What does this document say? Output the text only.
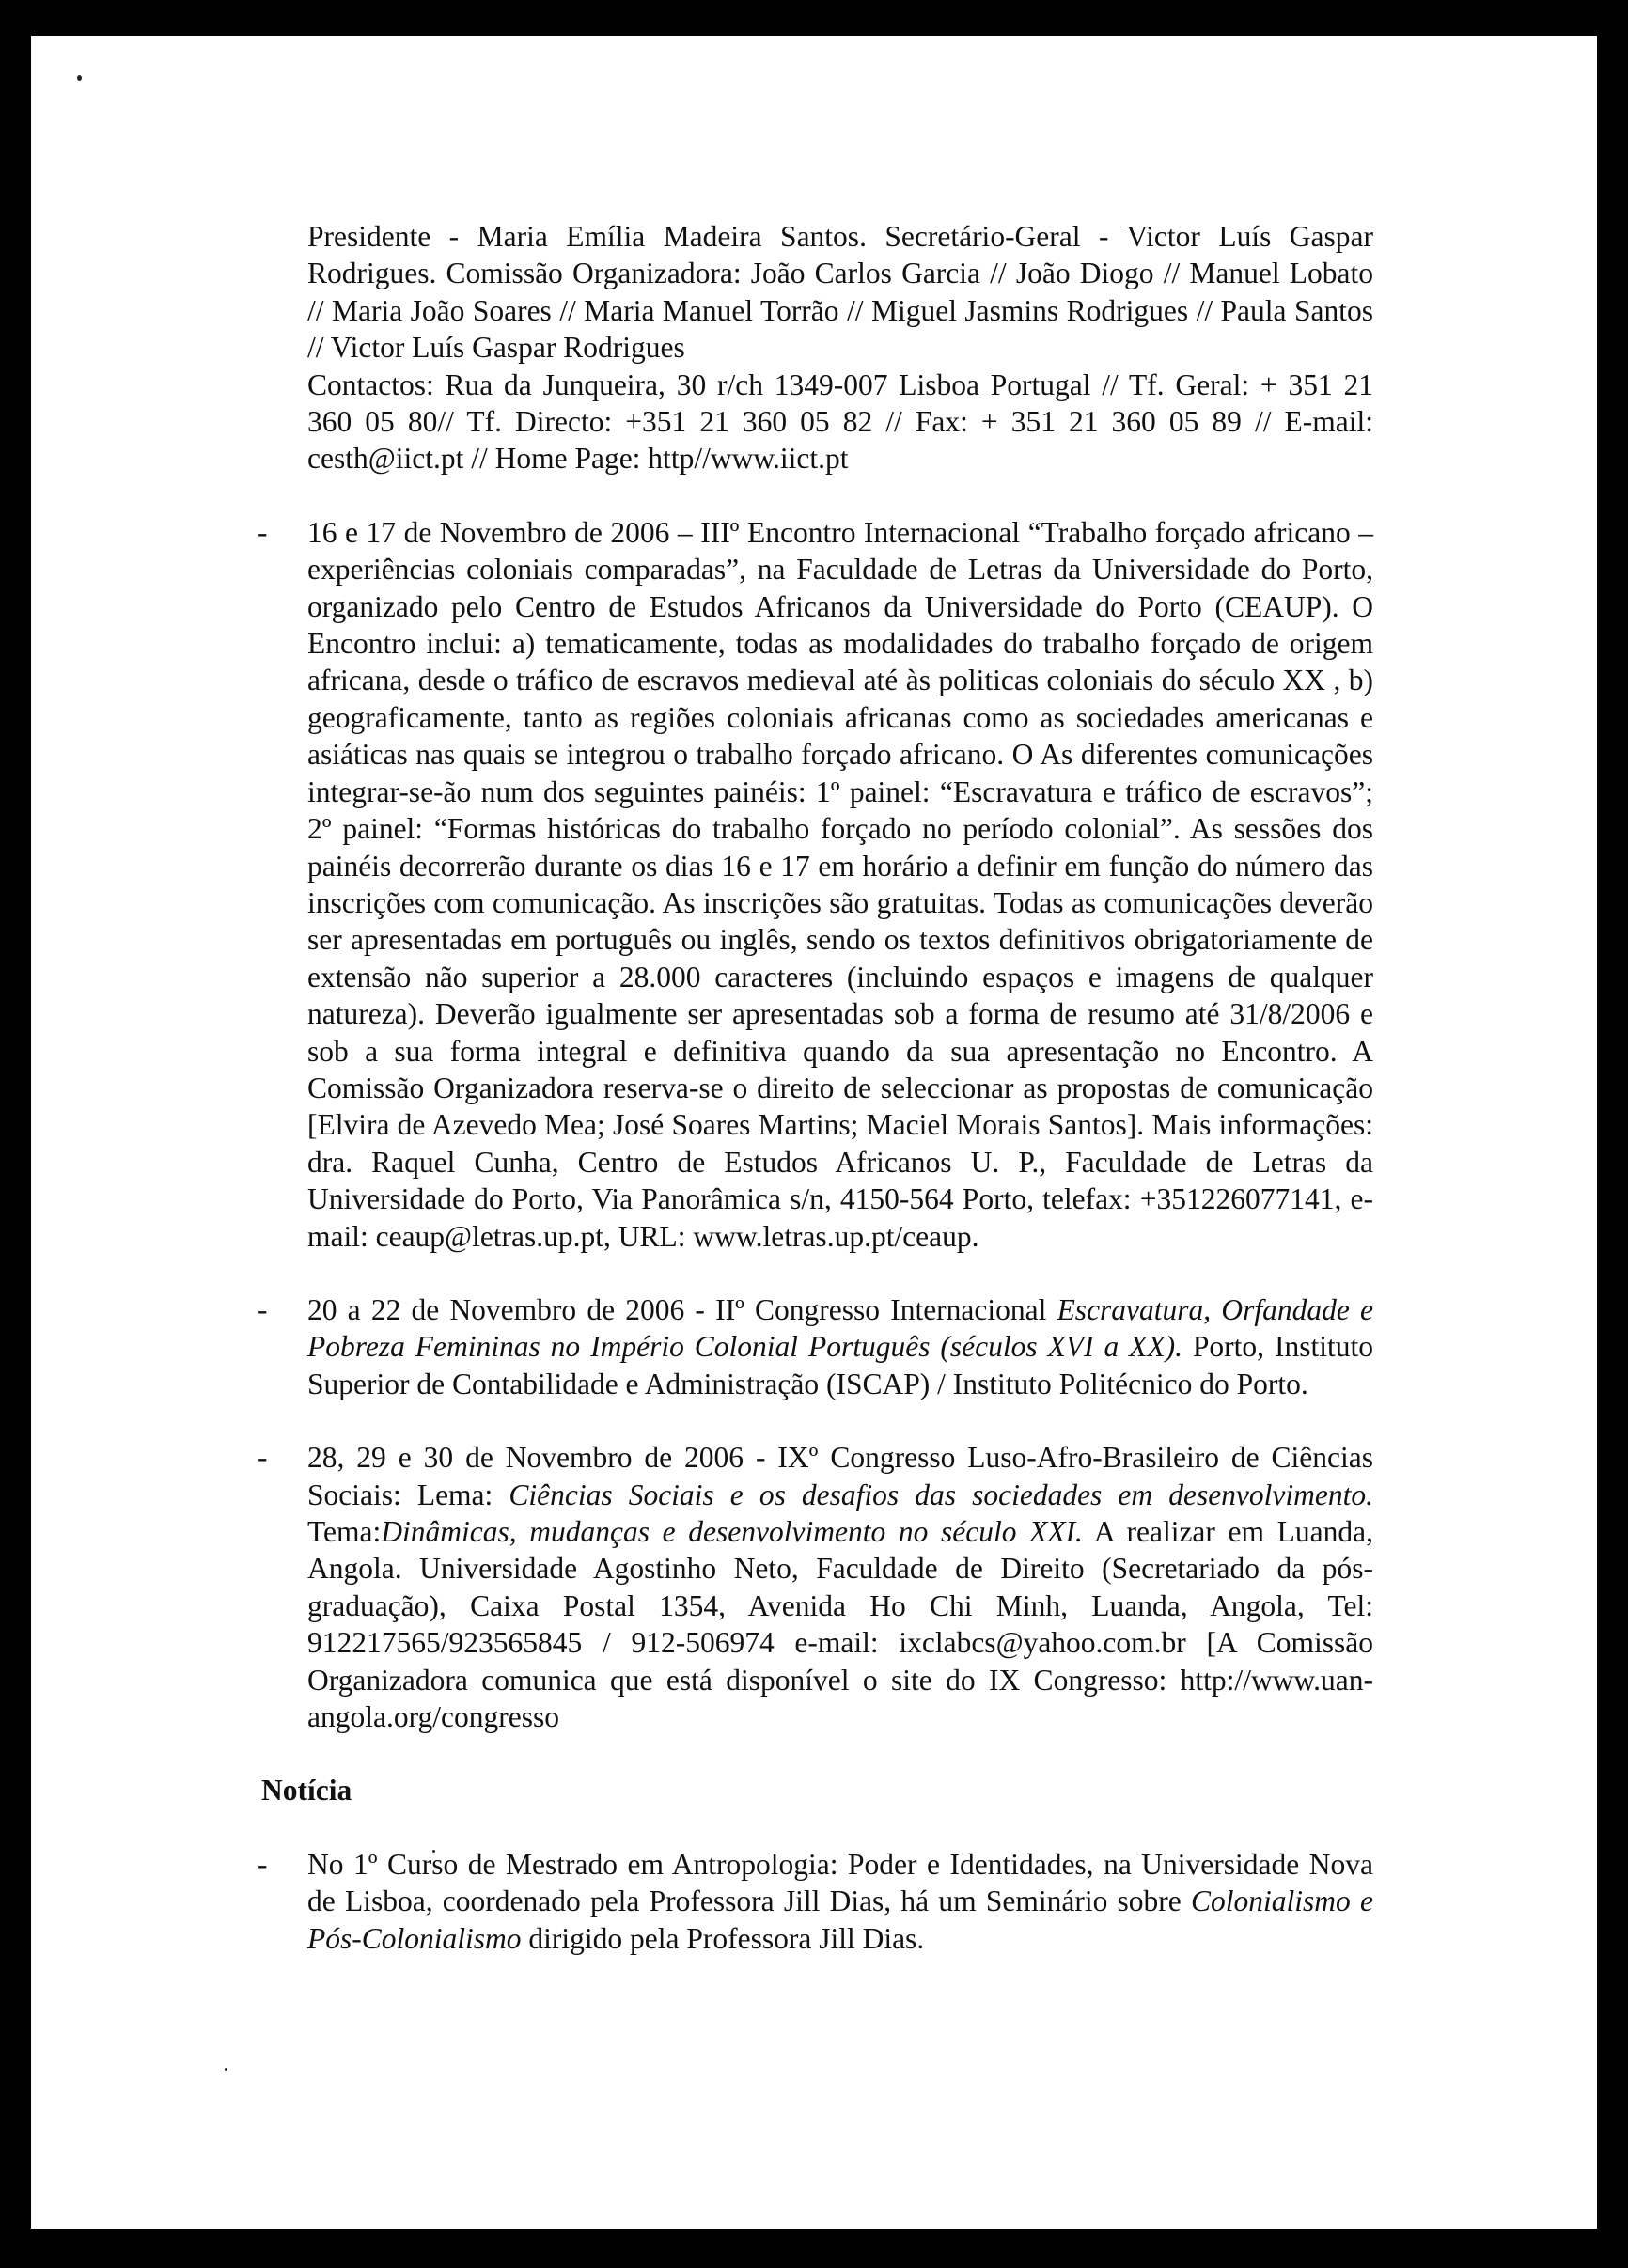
Presidente - Maria Emília Madeira Santos. Secretário-Geral - Victor Luís Gaspar Rodrigues. Comissão Organizadora: João Carlos Garcia // João Diogo // Manuel Lobato // Maria João Soares // Maria Manuel Torrão // Miguel Jasmins Rodrigues // Paula Santos // Victor Luís Gaspar Rodrigues

Contactos: Rua da Junqueira, 30 r/ch 1349-007 Lisboa Portugal // Tf. Geral: + 351 21 360 05 80// Tf. Directo: +351 21 360 05 82 // Fax: + 351 21 360 05 89 // E-mail: cesth@iict.pt // Home Page: http//www.iict.pt

- 16 e 17 de Novembro de 2006 – IIIº Encontro Internacional “Trabalho forçado africano – experiências coloniais comparadas”, na Faculdade de Letras da Universidade do Porto, organizado pelo Centro de Estudos Africanos da Universidade do Porto (CEAUP). O Encontro inclui: a) tematicamente, todas as modalidades do trabalho forçado de origem africana, desde o tráfico de escravos medieval até às politicas coloniais do século XX , b) geograficamente, tanto as regiões coloniais africanas como as sociedades americanas e asiáticas nas quais se integrou o trabalho forçado africano. O As diferentes comunicações integrar-se-ão num dos seguintes painéis: 1º painel: “Escravatura e tráfico de escravos”; 2º painel: “Formas históricas do trabalho forçado no período colonial”. As sessões dos painéis decorrerão durante os dias 16 e 17 em horário a definir em função do número das inscrições com comunicação. As inscrições são gratuitas. Todas as comunicações deverão ser apresentadas em português ou inglês, sendo os textos definitivos obrigatoriamente de extensão não superior a 28.000 caracteres (incluindo espaços e imagens de qualquer natureza). Deverão igualmente ser apresentadas sob a forma de resumo até 31/8/2006 e sob a sua forma integral e definitiva quando da sua apresentação no Encontro. A Comissão Organizadora reserva-se o direito de seleccionar as propostas de comunicação [Elvira de Azevedo Mea; José Soares Martins; Maciel Morais Santos]. Mais informações: dra. Raquel Cunha, Centro de Estudos Africanos U. P., Faculdade de Letras da Universidade do Porto, Via Panorâmica s/n, 4150-564 Porto, telefax: +351226077141, e-mail: ceaup@letras.up.pt, URL: www.letras.up.pt/ceaup.

- 20 a 22 de Novembro de 2006 - IIº Congresso Internacional Escravatura, Orfandade e Pobreza Femininas no Império Colonial Português (séculos XVI a XX). Porto, Instituto Superior de Contabilidade e Administração (ISCAP) / Instituto Politécnico do Porto.

- 28, 29 e 30 de Novembro de 2006 - IXº Congresso Luso-Afro-Brasileiro de Ciências Sociais: Lema: Ciências Sociais e os desafios das sociedades em desenvolvimento. Tema:Dinâmicas, mudanças e desenvolvimento no século XXI. A realizar em Luanda, Angola. Universidade Agostinho Neto, Faculdade de Direito (Secretariado da pós-graduação), Caixa Postal 1354, Avenida Ho Chi Minh, Luanda, Angola, Tel: 912217565/923565845 / 912-506974 e-mail: ixclabcs@yahoo.com.br [A Comissão Organizadora comunica que está disponível o site do IX Congresso: http://www.uan-angola.org/congresso

Notícia
- No 1º Curso de Mestrado em Antropologia: Poder e Identidades, na Universidade Nova de Lisboa, coordenado pela Professora Jill Dias, há um Seminário sobre Colonialismo e Pós-Colonialismo dirigido pela Professora Jill Dias.
